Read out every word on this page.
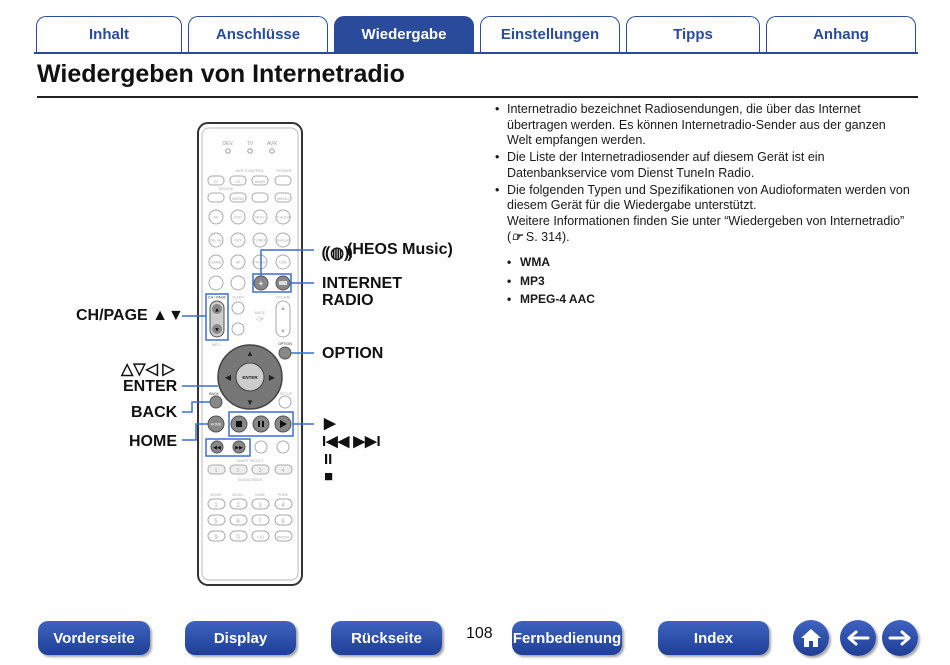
Inhalt	Anschlüsse	Wiedergabe	Einstellungen	Tipps	Anhang
Wiedergeben von Internetradio
• Internetradio bezeichnet Radiosendungen, die über das Internet übertragen werden. Es können Internetradio-Sender aus der ganzen Welt empfangen werden.
• Die Liste der Internetradiosender auf diesem Gerät ist ein Datenbankservice vom Dienst TuneIn Radio.
• Die folgenden Typen und Spezifikationen von Audioformaten werden von diesem Gerät für die Wiedergabe unterstützt.
Weitere Informationen finden Sie unter “Wiedergeben von Internetradio” (☞ S. 314).
• WMA
• MP3
• MPEG-4 AAC
DEV.	TV	AVR
AVR CONTROL	POWER
Z2	Z3	MAIN
DEVICE
MENU	MENU
BD	DVD	MPLY	TV AUDIO
Blu-ray	AUX	TUNER	Bluetooth
GAME	AK	PHONO	USB
+
CH / PAGE
▲
▼
SLEEP
MUTE
◁×
VOLUME
▲
▼
INFO	OPTION
ENTER
▲
▼
◀	▶
BACK	SETUP
HOME
◀◀	▶▶
SMART SELECT
1	2	3	4
SOUND MODE
MOVIE	MUSIC	GAME	PURE
1	2	3	4
5	6	7	8
9	0	+10	ENTER
⸨◍⸩
(HEOS Music)
INTERNET
RADIO
CH/PAGE ▲▼
OPTION
△▽◁ ▷
ENTER
BACK
HOME
▶
I◀◀ ▶▶I
II
■
Vorderseite	Display	Rückseite	108 Fernbedienung	Index
